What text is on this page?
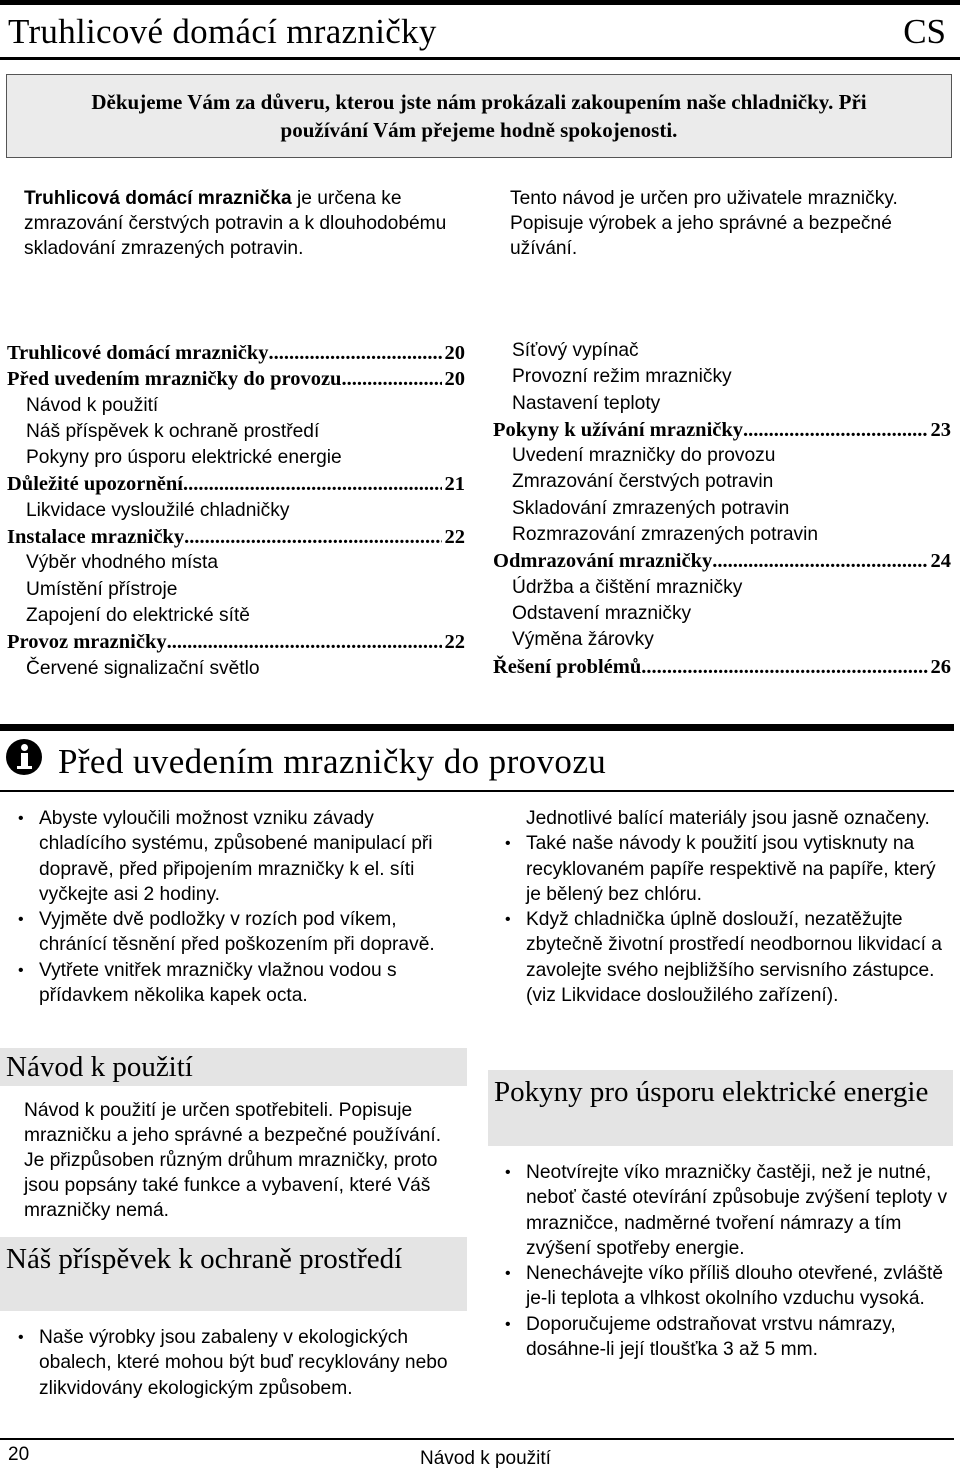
Truhlicové domácí mrazničky	CS
Děkujeme Vám za důveru, kterou jste nám prokázali zakoupením naše chladničky. Při
používání Vám přejeme hodně spokojenosti.
Truhlicová domácí mraznička je určena ke zmrazování čerstvých potravin a k dlouhodobému skladování zmrazených potravin.
Tento návod je určen pro uživatele mrazničky. Popisuje výrobek a jeho správné a bezpečné užívání.
Truhlicové domácí mrazničky .....	20
Před uvedením mrazničky do provozu .....	20
Návod k použití
Náš příspěvek k ochraně prostředí
Pokyny pro úsporu elektrické energie
Důležité upozornění .....	21
Likvidace vysloužilé chladničky
Instalace mrazničky .....	22
Výběr vhodného místa
Umístění přístroje
Zapojení do elektrické sítě
Provoz mrazničky .....	22
Červené signalizační světlo
Síťový vypínač
Provozní režim mrazničky
Nastavení teploty
Pokyny k užívání mrazničky .....	23
Uvedení mrazničky do provozu
Zmrazování čerstvých potravin
Skladování zmrazených potravin
Rozmrazování zmrazených potravin
Odmrazování mrazničky .....	24
Údržba a čištění mrazničky
Odstavení mrazničky
Výměna žárovky
Řešení problémů .....	26
Před uvedením mrazničky do provozu
• Abyste vyloučili možnost vzniku závady chladícího systému, způsobené manipulací při dopravě, před připojením mrazničky k el. síti vyčkejte asi 2 hodiny.
• Vyjměte dvě podložky v rozích pod víkem, chránící těsnění před poškozením při dopravě.
• Vytřete vnitřek mrazničky vlažnou vodou s přídavkem několika kapek octa.
Návod k použití
Návod k použití je určen spotřebiteli. Popisuje mrazničku a jeho správné a bezpečné používání. Je přizpůsoben různým drůhum mrazničky, proto jsou popsány také funkce a vybavení, které Váš mrazničky nemá.
Náš příspěvek k ochraně prostředí
• Naše výrobky jsou zabaleny v ekologických obalech, které mohou být buď recyklovány nebo zlikvidovány ekologickým způsobem.
Jednotlivé balící materiály jsou jasně označeny.
• Také naše návody k použití jsou vytisknuty na recyklovaném papíře respektivě na papíře, který je bělený bez chlóru.
• Když chladnička úplně doslouží, nezatěžujte zbytečně životní prostředí neodbornou likvidací a zavolejte svého nejbližšího servisního zástupce. (viz Likvidace dosloužilého zařízení).
Pokyny pro úsporu elektrické energie
• Neotvírejte víko mrazničky častěji, než je nutné, neboť časté otevírání způsobuje zvýšení teploty v mrazničce, nadměrné tvoření námrazy a tím zvýšení spotřeby energie.
• Nenechávejte víko příliš dlouho otevřené, zvláště je-li teplota a vlhkost okolního vzduchu vysoká.
• Doporučujeme odstraňovat vrstvu námrazy, dosáhne-li její tloušťka 3 až 5 mm.
20	Návod k použití
